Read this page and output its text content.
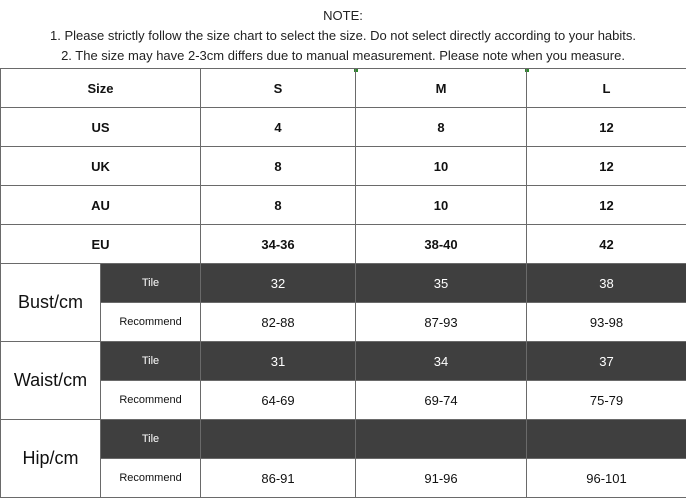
NOTE:
1. Please strictly follow the size chart to select the size. Do not select directly according to your habits.
2. The size may have 2-3cm differs due to manual measurement. Please note when you measure.
Size		S	M	L
US		4	8	12
UK		8	10	12
AU		8	10	12
EU		34-36	38-40	42
Bust/cm	Tile	32	35	38
	Recommend	82-88	87-93	93-98
Waist/cm	Tile	31	34	37
	Recommend	64-69	69-74	75-79
Hip/cm	Tile			
	Recommend	86-91	91-96	96-101
